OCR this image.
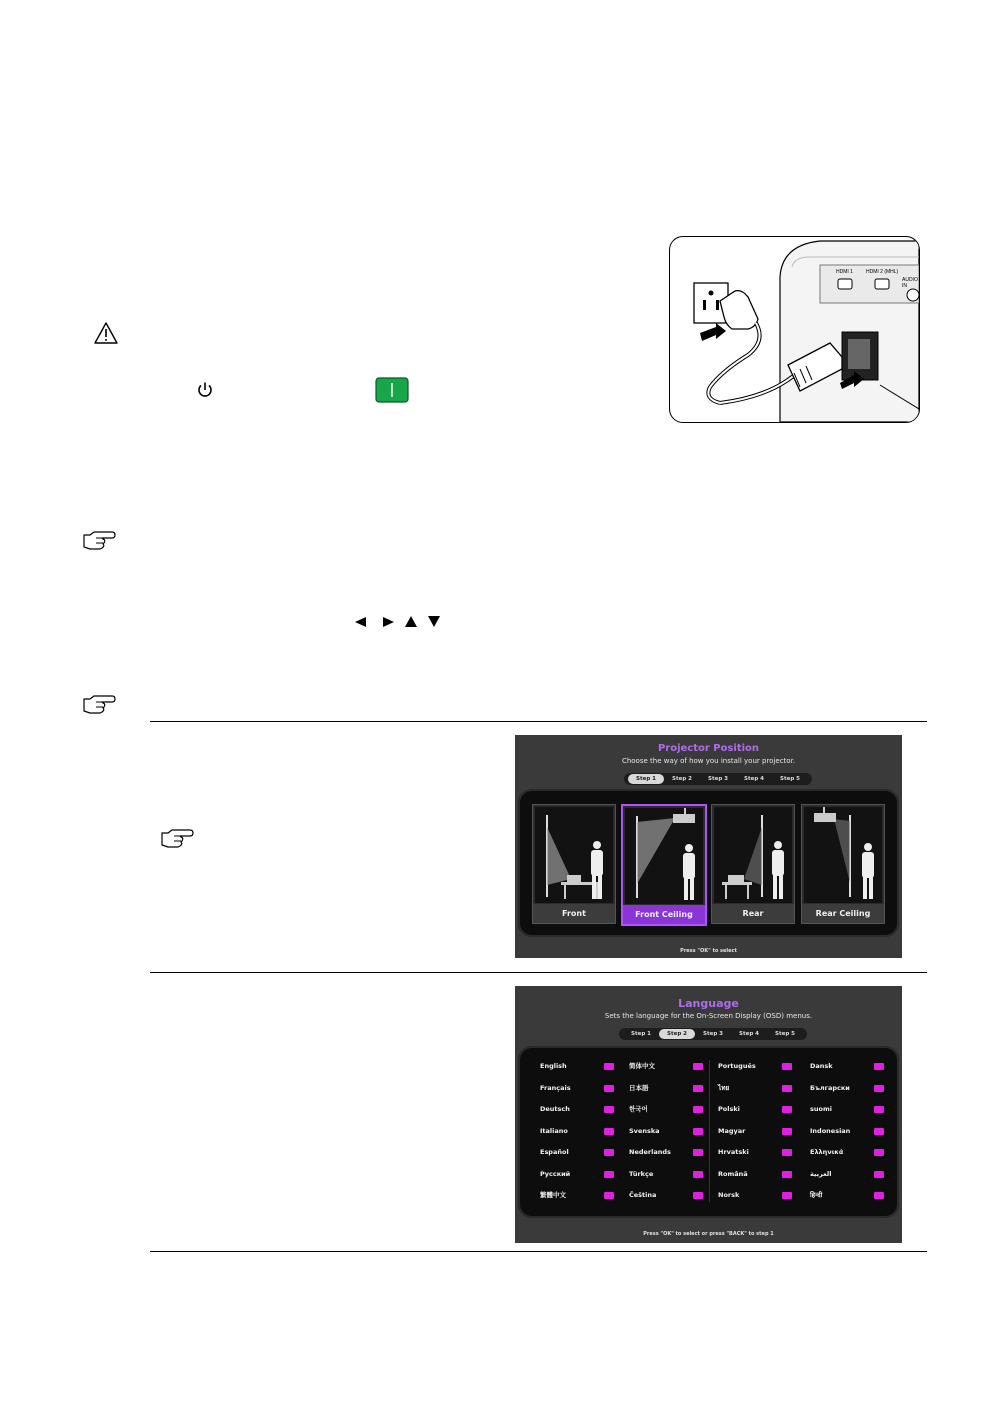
HDMI 1	HDMI 2 (MHL)
AUDIO IN
Projector Position
Choose the way of how you install your projector.
Step 1	Step 2	Step 3	Step 4	Step 5
Front	Front Ceiling	Rear	Rear Ceiling
Press "OK" to select
Language
Sets the language for the On-Screen Display (OSD) menus.
Step 1	Step 2	Step 3	Step 4	Step 5
English	简体中文	Português	Dansk
Français	日本語	ไทย	Български
Deutsch	한국어	Polski	suomi
Italiano	Svenska	Magyar	Indonesian
Español	Nederlands	Hrvatski	Ελληνικά
Русский	Türkçe	Română	العربية
繁體中文	Čeština	Norsk	हिन्दी
Press "OK" to select or press "BACK" to step 1
